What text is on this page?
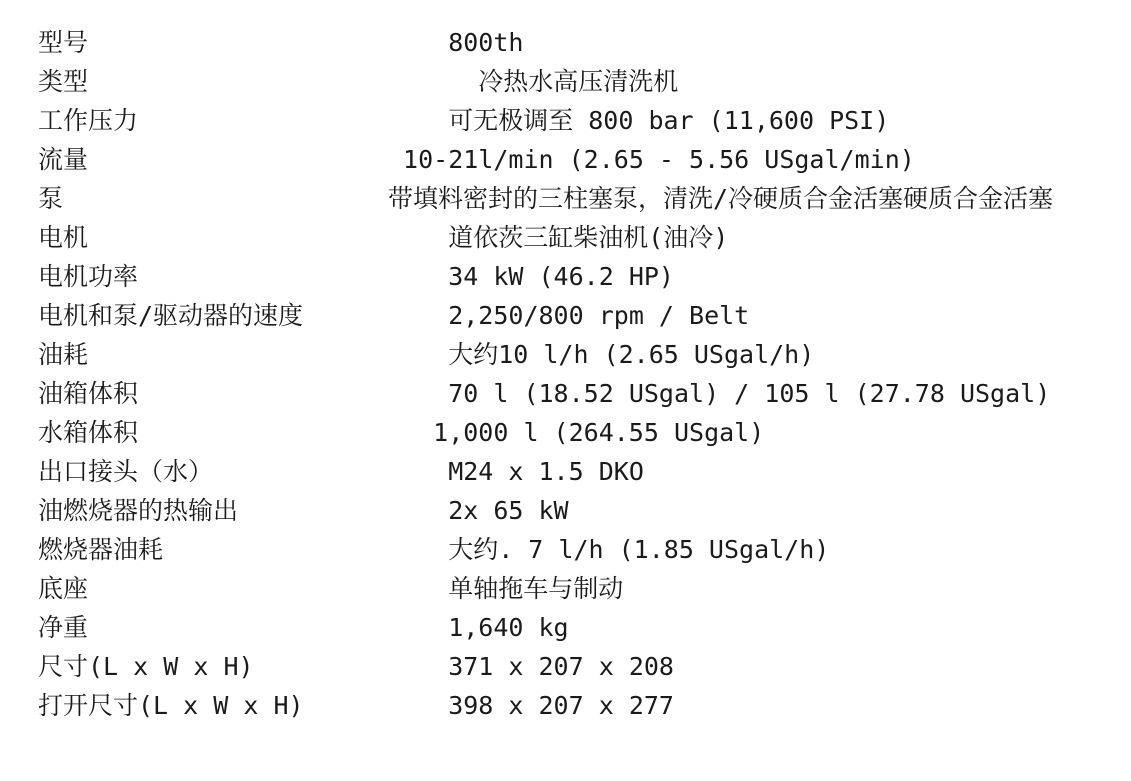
型号	800th
类型	冷热水高压清洗机
工作压力	可无极调至 800 bar (11,600 PSI)
流量	10-21l/min (2.65 - 5.56 USgal/min)
泵	带填料密封的三柱塞泵，清洗/冷硬质合金活塞硬质合金活塞
电机	道依茨三缸柴油机(油冷)
电机功率	34 kW (46.2 HP)
电机和泵/驱动器的速度	2,250/800 rpm / Belt
油耗	大约10 l/h (2.65 USgal/h)
油箱体积	70 l (18.52 USgal) / 105 l (27.78 USgal)
水箱体积	1,000 l (264.55 USgal)
出口接头（水）	M24 x 1.5 DKO
油燃烧器的热输出	2x 65 kW
燃烧器油耗	大约. 7 l/h (1.85 USgal/h)
底座	单轴拖车与制动
净重	1,640 kg
尺寸(L x W x H)	371 x 207 x 208
打开尺寸(L x W x H)	398 x 207 x 277
